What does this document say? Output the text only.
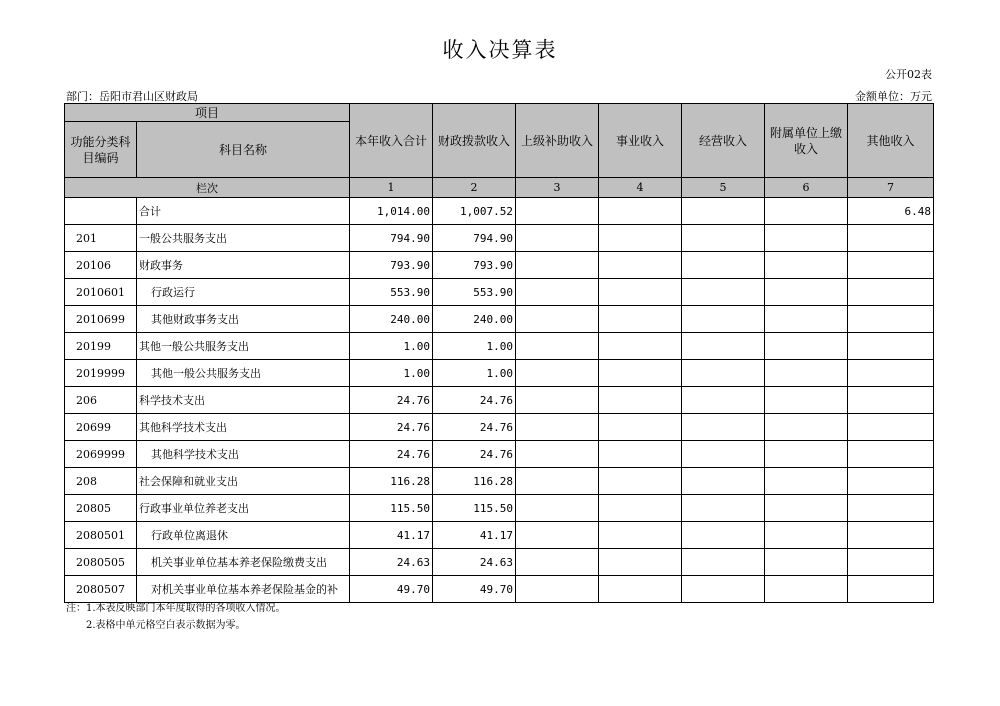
收入决算表
公开02表
部门：岳阳市君山区财政局	金额单位：万元
项目		本年收入合计	财政拨款收入	上级补助收入	事业收入	经营收入	附属单位上缴收入	其他收入
功能分类科目编码	科目名称							
栏次		1	2	3	4	5	6	7
	合计	1,014.00	1,007.52					6.48
201	一般公共服务支出	794.90	794.90					
20106	财政事务	793.90	793.90					
2010601	行政运行	553.90	553.90					
2010699	其他财政事务支出	240.00	240.00					
20199	其他一般公共服务支出	1.00	1.00					
2019999	其他一般公共服务支出	1.00	1.00					
206	科学技术支出	24.76	24.76					
20699	其他科学技术支出	24.76	24.76					
2069999	其他科学技术支出	24.76	24.76					
208	社会保障和就业支出	116.28	116.28					
20805	行政事业单位养老支出	115.50	115.50					
2080501	行政单位离退休	41.17	41.17					
2080505	机关事业单位基本养老保险缴费支出	24.63	24.63					
2080507	对机关事业单位基本养老保险基金的补	49.70	49.70					
注：1.本表反映部门本年度取得的各项收入情况。
2.表格中单元格空白表示数据为零。
